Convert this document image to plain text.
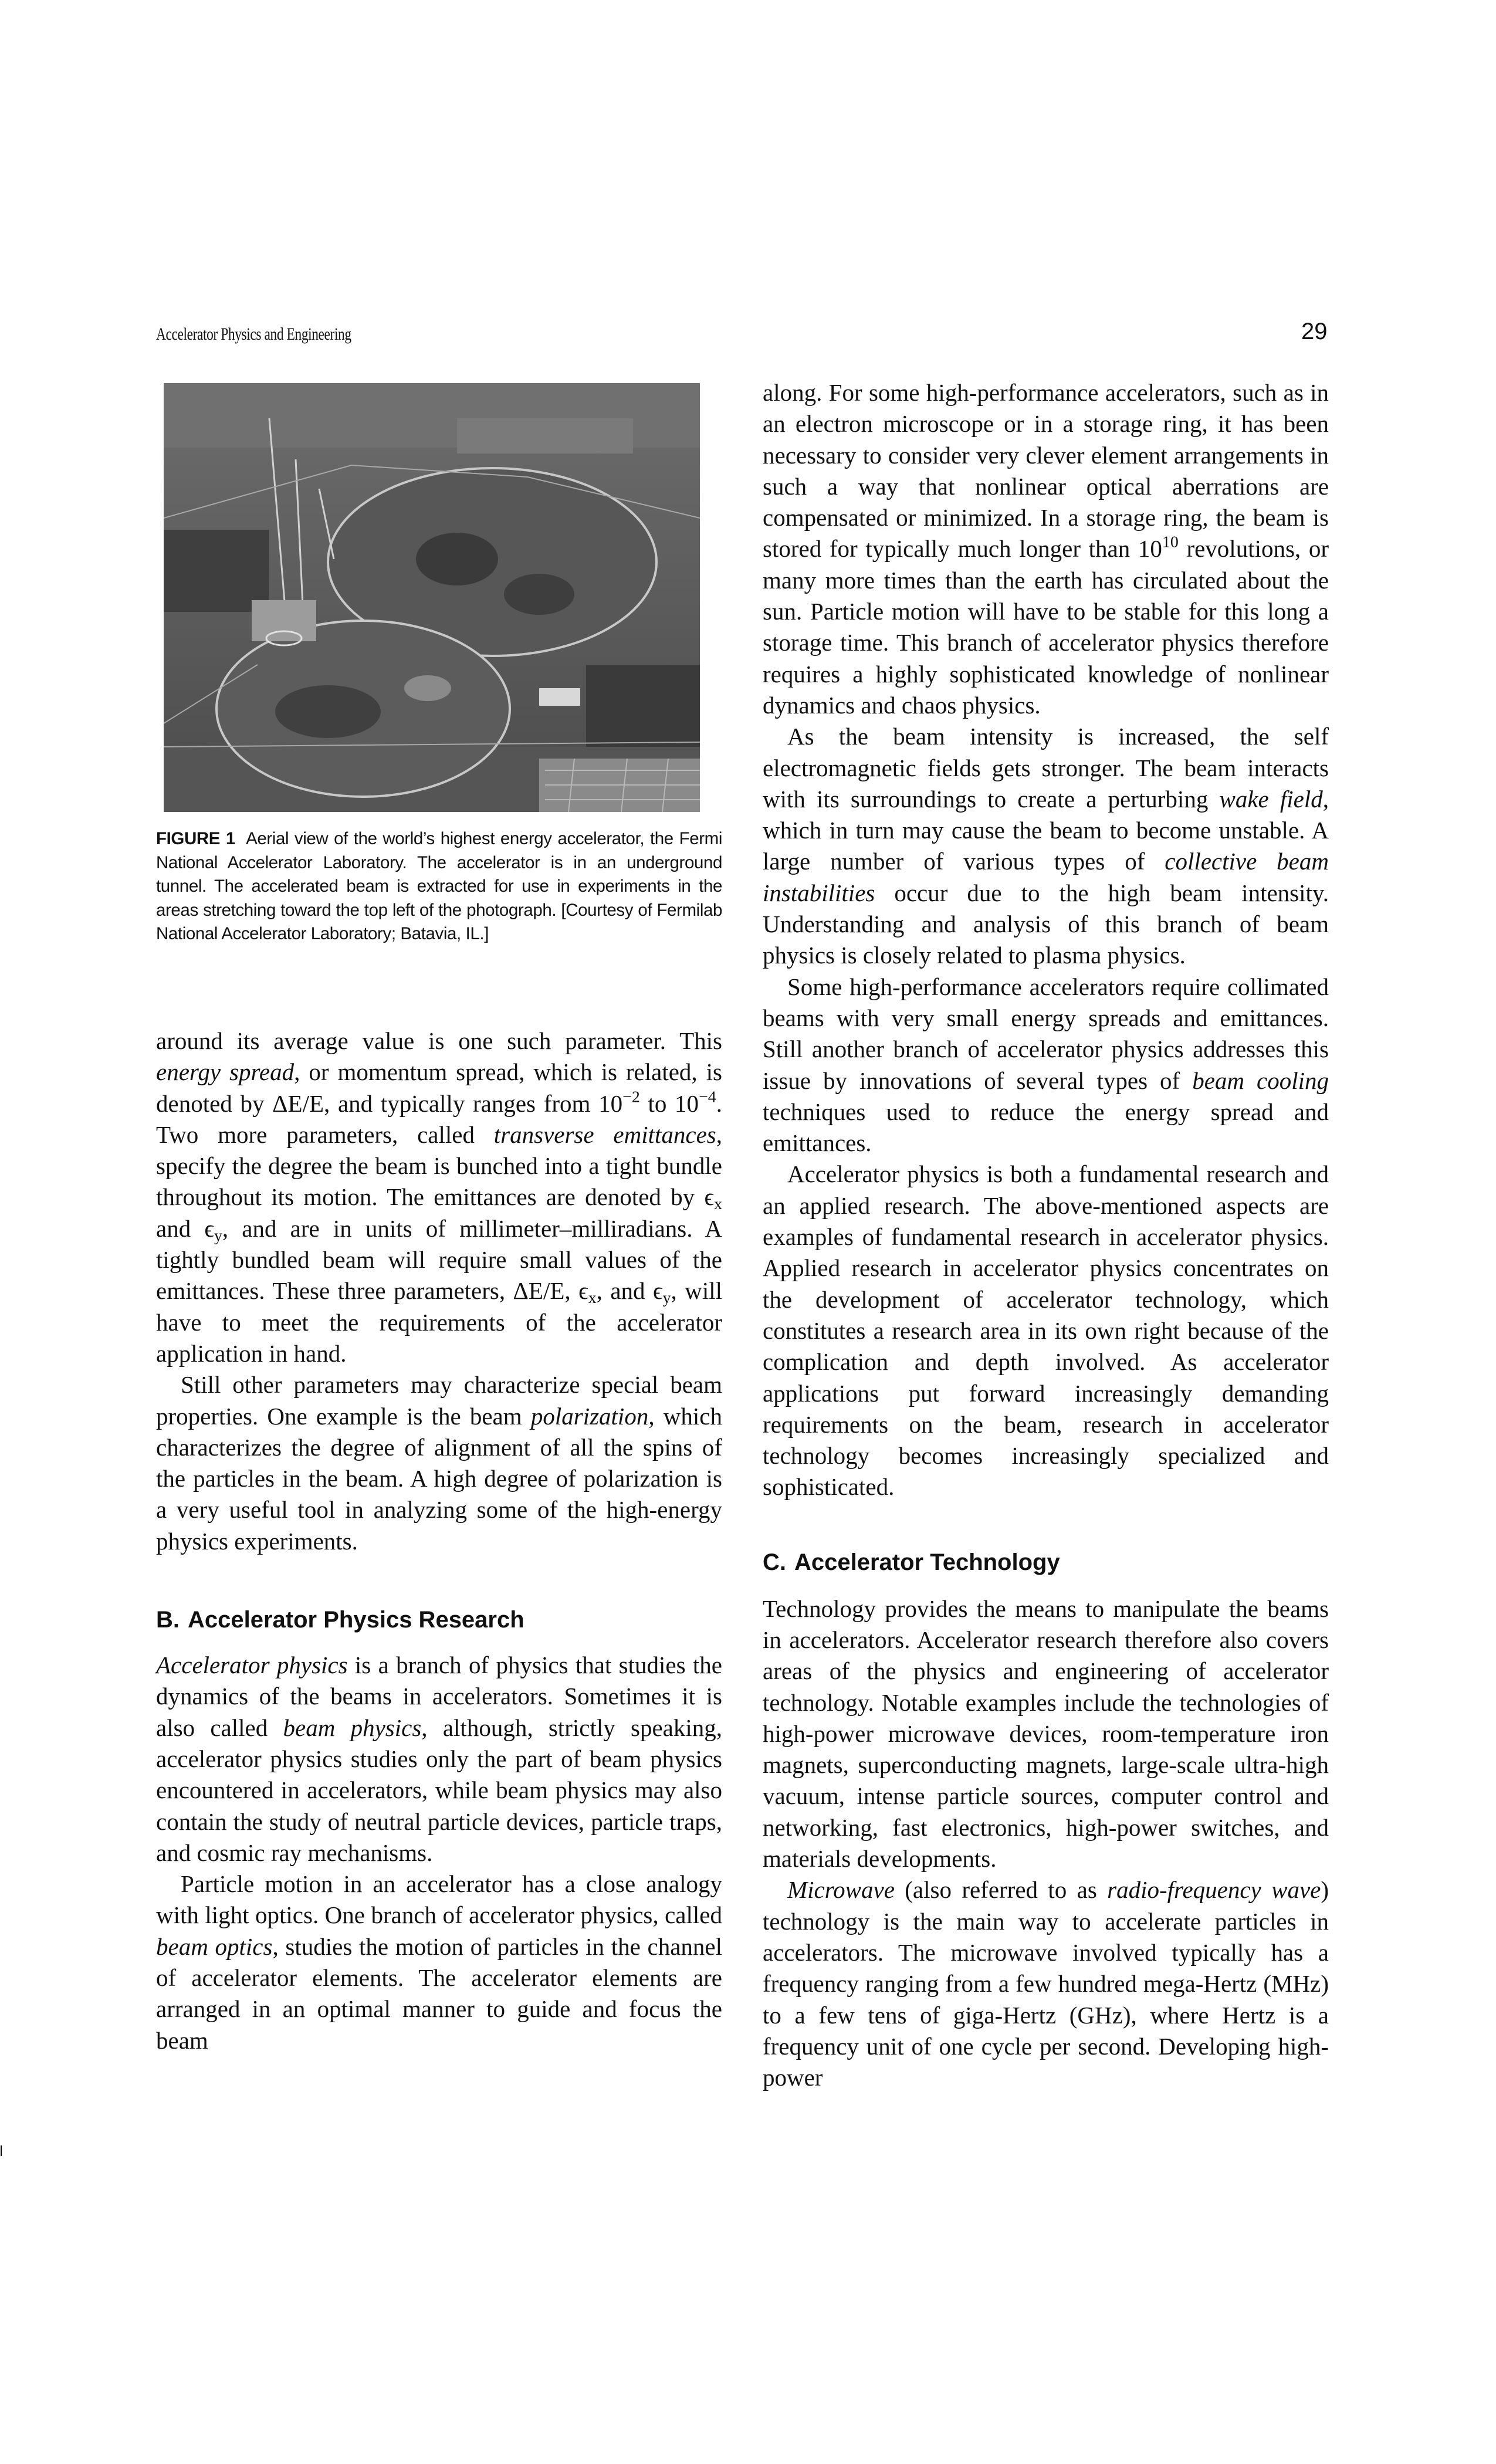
Accelerator Physics and Engineering	29
FIGURE 1 Aerial view of the world’s highest energy accelerator, the Fermi National Accelerator Laboratory. The accelerator is in an underground tunnel. The accelerated beam is extracted for use in experiments in the areas stretching toward the top left of the photograph. [Courtesy of Fermilab National Accelerator Laboratory; Batavia, IL.]

around its average value is one such parameter. This energy spread, or momentum spread, which is related, is denoted by ΔE/E, and typically ranges from $10^{-2}$ to $10^{-4}$. Two more parameters, called transverse emittances, specify the degree the beam is bunched into a tight bundle throughout its motion. The emittances are denoted by $\epsilon_x$ and $\epsilon_y$, and are in units of millimeter–milliradians. A tightly bundled beam will require small values of the emittances. These three parameters, ΔE/E, $\epsilon_x$, and $\epsilon_y$, will have to meet the requirements of the accelerator application in hand.

Still other parameters may characterize special beam properties. One example is the beam polarization, which characterizes the degree of alignment of all the spins of the particles in the beam. A high degree of polarization is a very useful tool in analyzing some of the high-energy physics experiments.

B. Accelerator Physics Research

Accelerator physics is a branch of physics that studies the dynamics of the beams in accelerators. Sometimes it is also called beam physics, although, strictly speaking, accelerator physics studies only the part of beam physics encountered in accelerators, while beam physics may also contain the study of neutral particle devices, particle traps, and cosmic ray mechanisms.

Particle motion in an accelerator has a close analogy with light optics. One branch of accelerator physics, called beam optics, studies the motion of particles in the channel of accelerator elements. The accelerator elements are arranged in an optimal manner to guide and focus the beam

along. For some high-performance accelerators, such as in an electron microscope or in a storage ring, it has been necessary to consider very clever element arrangements in such a way that nonlinear optical aberrations are compensated or minimized. In a storage ring, the beam is stored for typically much longer than $10^{10}$ revolutions, or many more times than the earth has circulated about the sun. Particle motion will have to be stable for this long a storage time. This branch of accelerator physics therefore requires a highly sophisticated knowledge of nonlinear dynamics and chaos physics.

As the beam intensity is increased, the self electromagnetic fields gets stronger. The beam interacts with its surroundings to create a perturbing wake field, which in turn may cause the beam to become unstable. A large number of various types of collective beam instabilities occur due to the high beam intensity. Understanding and analysis of this branch of beam physics is closely related to plasma physics.

Some high-performance accelerators require collimated beams with very small energy spreads and emittances. Still another branch of accelerator physics addresses this issue by innovations of several types of beam cooling techniques used to reduce the energy spread and emittances.

Accelerator physics is both a fundamental research and an applied research. The above-mentioned aspects are examples of fundamental research in accelerator physics. Applied research in accelerator physics concentrates on the development of accelerator technology, which constitutes a research area in its own right because of the complication and depth involved. As accelerator applications put forward increasingly demanding requirements on the beam, research in accelerator technology becomes increasingly specialized and sophisticated.

C. Accelerator Technology

Technology provides the means to manipulate the beams in accelerators. Accelerator research therefore also covers areas of the physics and engineering of accelerator technology. Notable examples include the technologies of high-power microwave devices, room-temperature iron magnets, superconducting magnets, large-scale ultra-high vacuum, intense particle sources, computer control and networking, fast electronics, high-power switches, and materials developments.

Microwave (also referred to as radio-frequency wave) technology is the main way to accelerate particles in accelerators. The microwave involved typically has a frequency ranging from a few hundred mega-Hertz (MHz) to a few tens of giga-Hertz (GHz), where Hertz is a frequency unit of one cycle per second. Developing high-power
